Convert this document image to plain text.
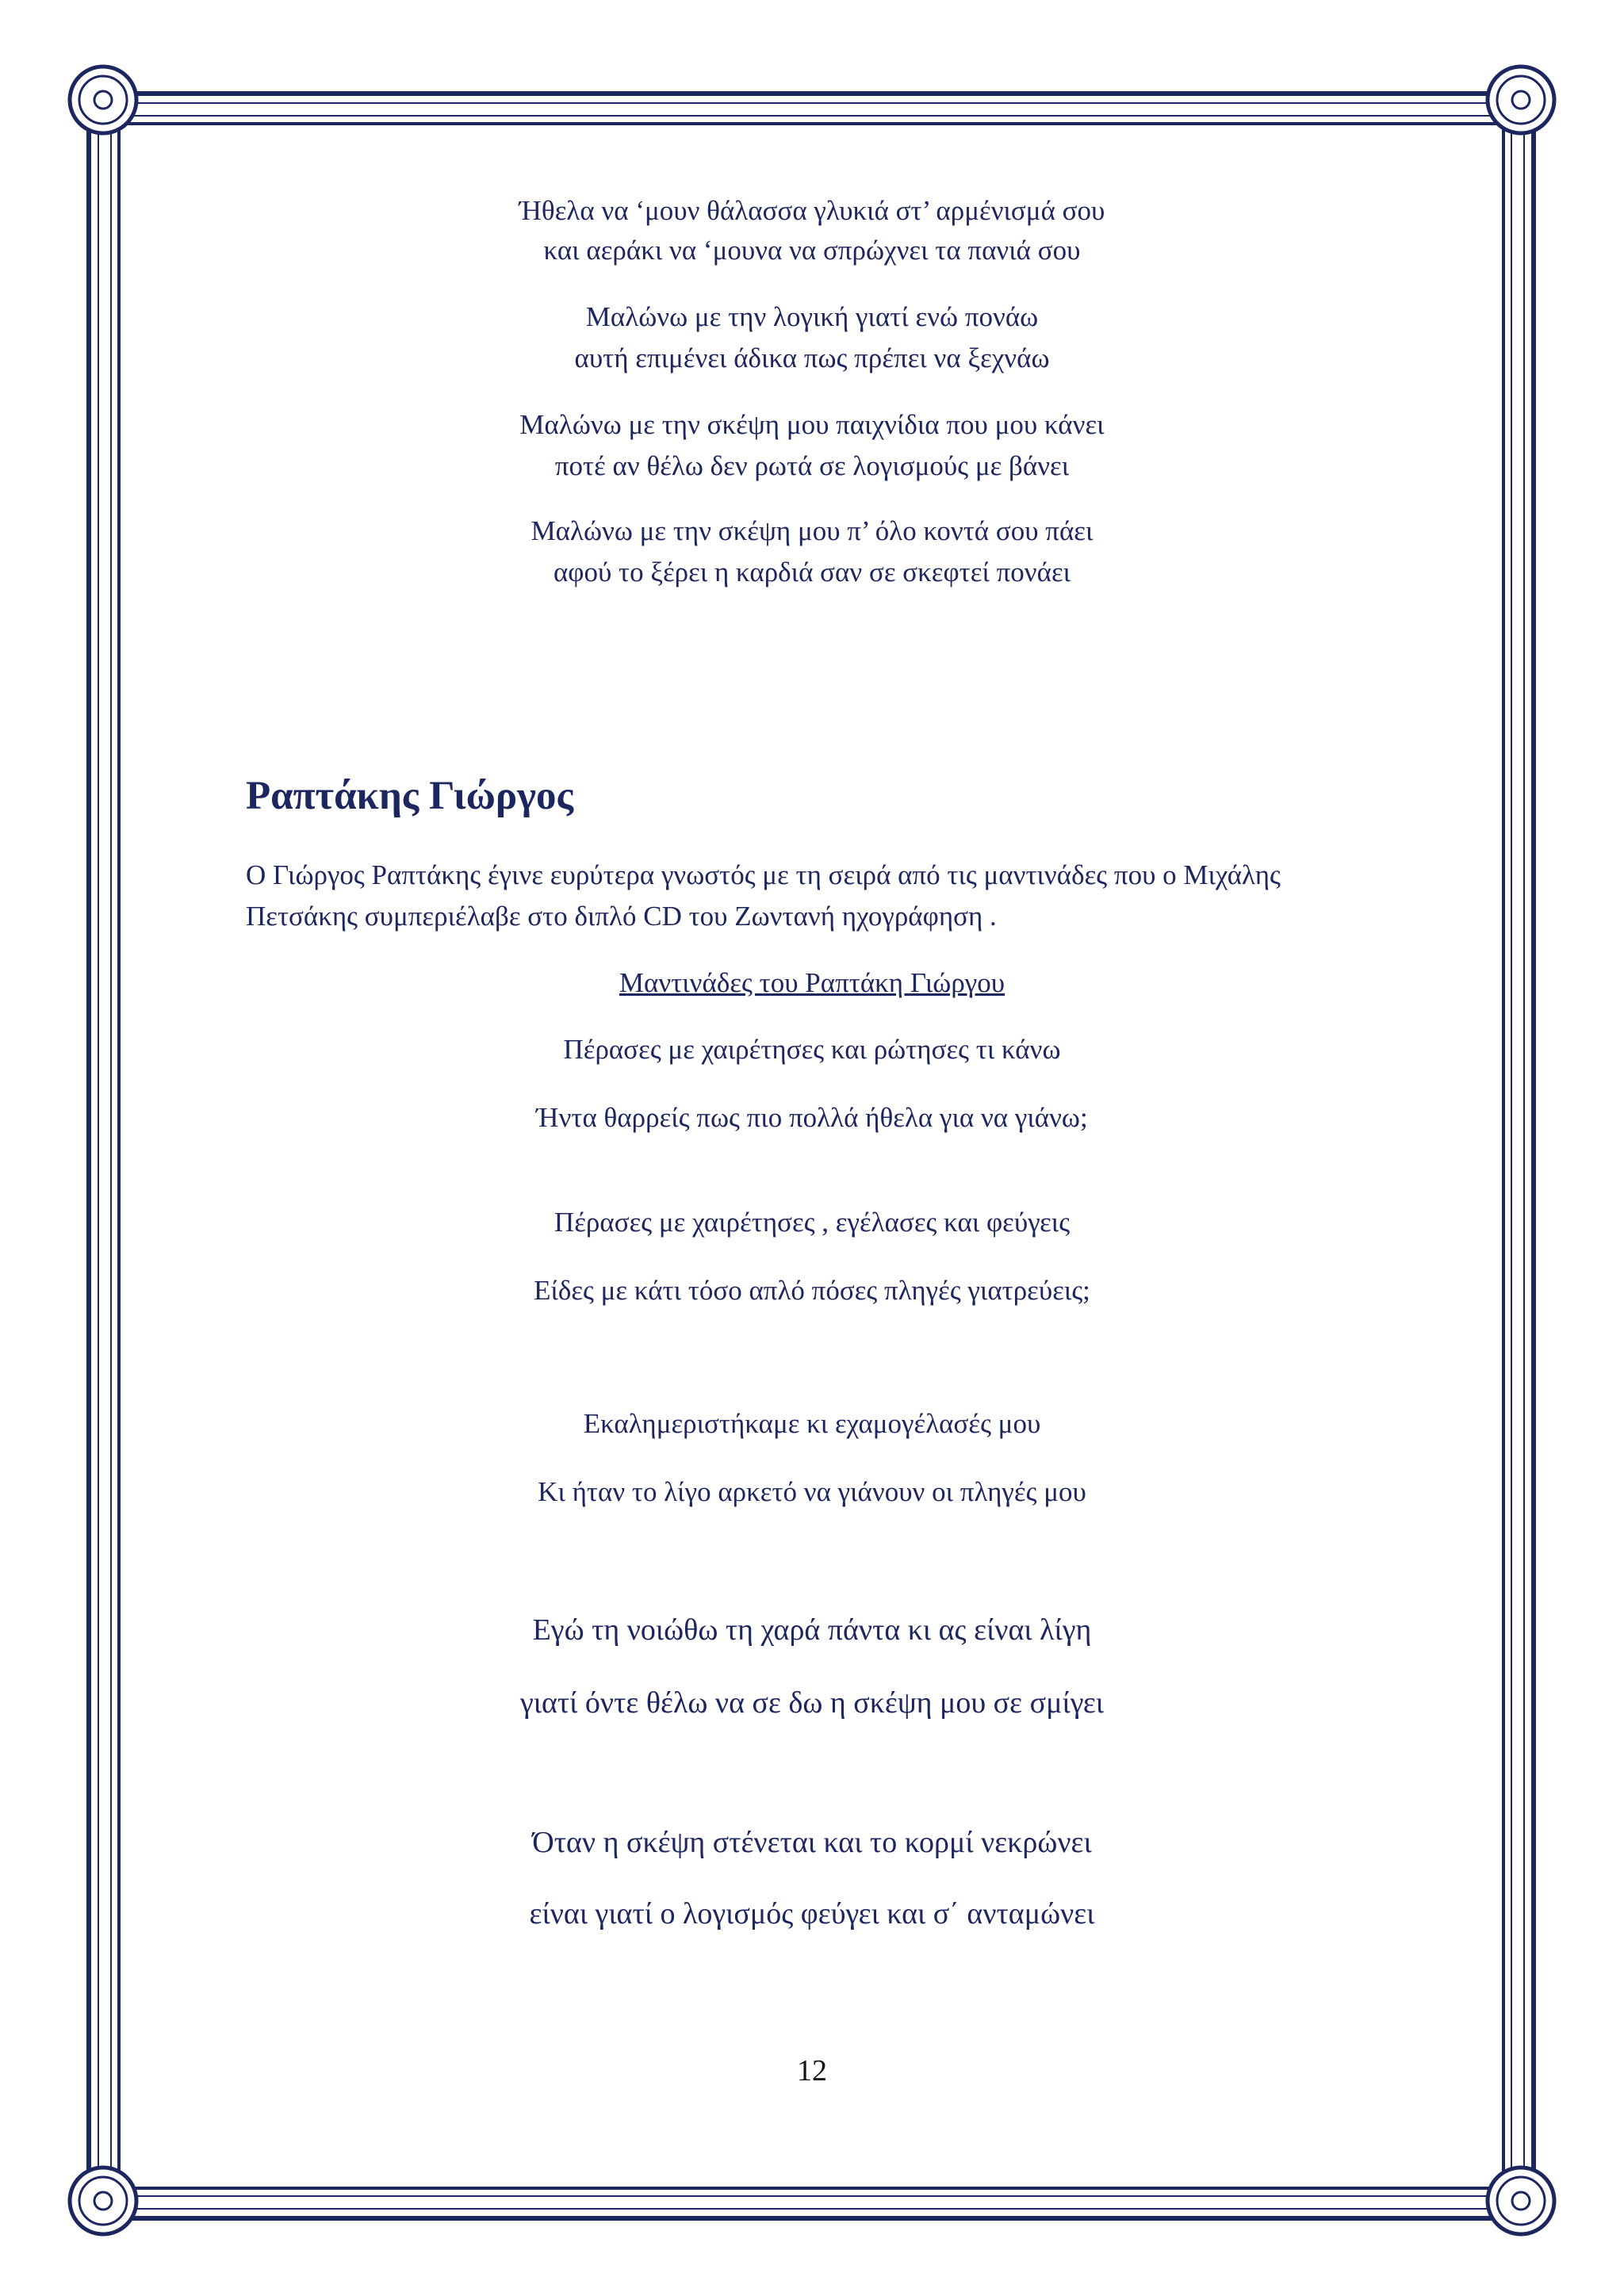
Ήθελα να ‘μουν θάλασσα γλυκιά στ’ αρμένισμά σου
και αεράκι να ‘μουνα να σπρώχνει τα πανιά σου
Μαλώνω με την λογική γιατί ενώ πονάω
αυτή επιμένει άδικα πως πρέπει να ξεχνάω
Μαλώνω με την σκέψη μου παιχνίδια που μου κάνει
ποτέ αν θέλω δεν ρωτά σε λογισμούς με βάνει
Μαλώνω με την σκέψη μου π’ όλο κοντά σου πάει
αφού το ξέρει η καρδιά σαν σε σκεφτεί πονάει
Ραπτάκης Γιώργος
Ο Γιώργος Ραπτάκης έγινε ευρύτερα γνωστός με τη σειρά από τις μαντινάδες που ο Μιχάλης
Πετσάκης συμπεριέλαβε στο διπλό CD του Ζωντανή ηχογράφηση .
Μαντινάδες του Ραπτάκη Γιώργου
Πέρασες με χαιρέτησες και ρώτησες τι κάνω
Ήντα θαρρείς πως πιο πολλά ήθελα για να γιάνω;
Πέρασες με χαιρέτησες , εγέλασες και φεύγεις
Είδες με κάτι τόσο απλό πόσες πληγές γιατρεύεις;
Εκαλημεριστήκαμε κι εχαμογέλασές μου
Κι ήταν το λίγο αρκετό να γιάνουν οι πληγές μου
Εγώ τη νοιώθω τη χαρά πάντα κι ας είναι λίγη
γιατί όντε θέλω να σε δω η σκέψη μου σε σμίγει
Όταν η σκέψη στένεται και το κορμί νεκρώνει
είναι γιατί ο λογισμός φεύγει και σ΄ ανταμώνει
12
